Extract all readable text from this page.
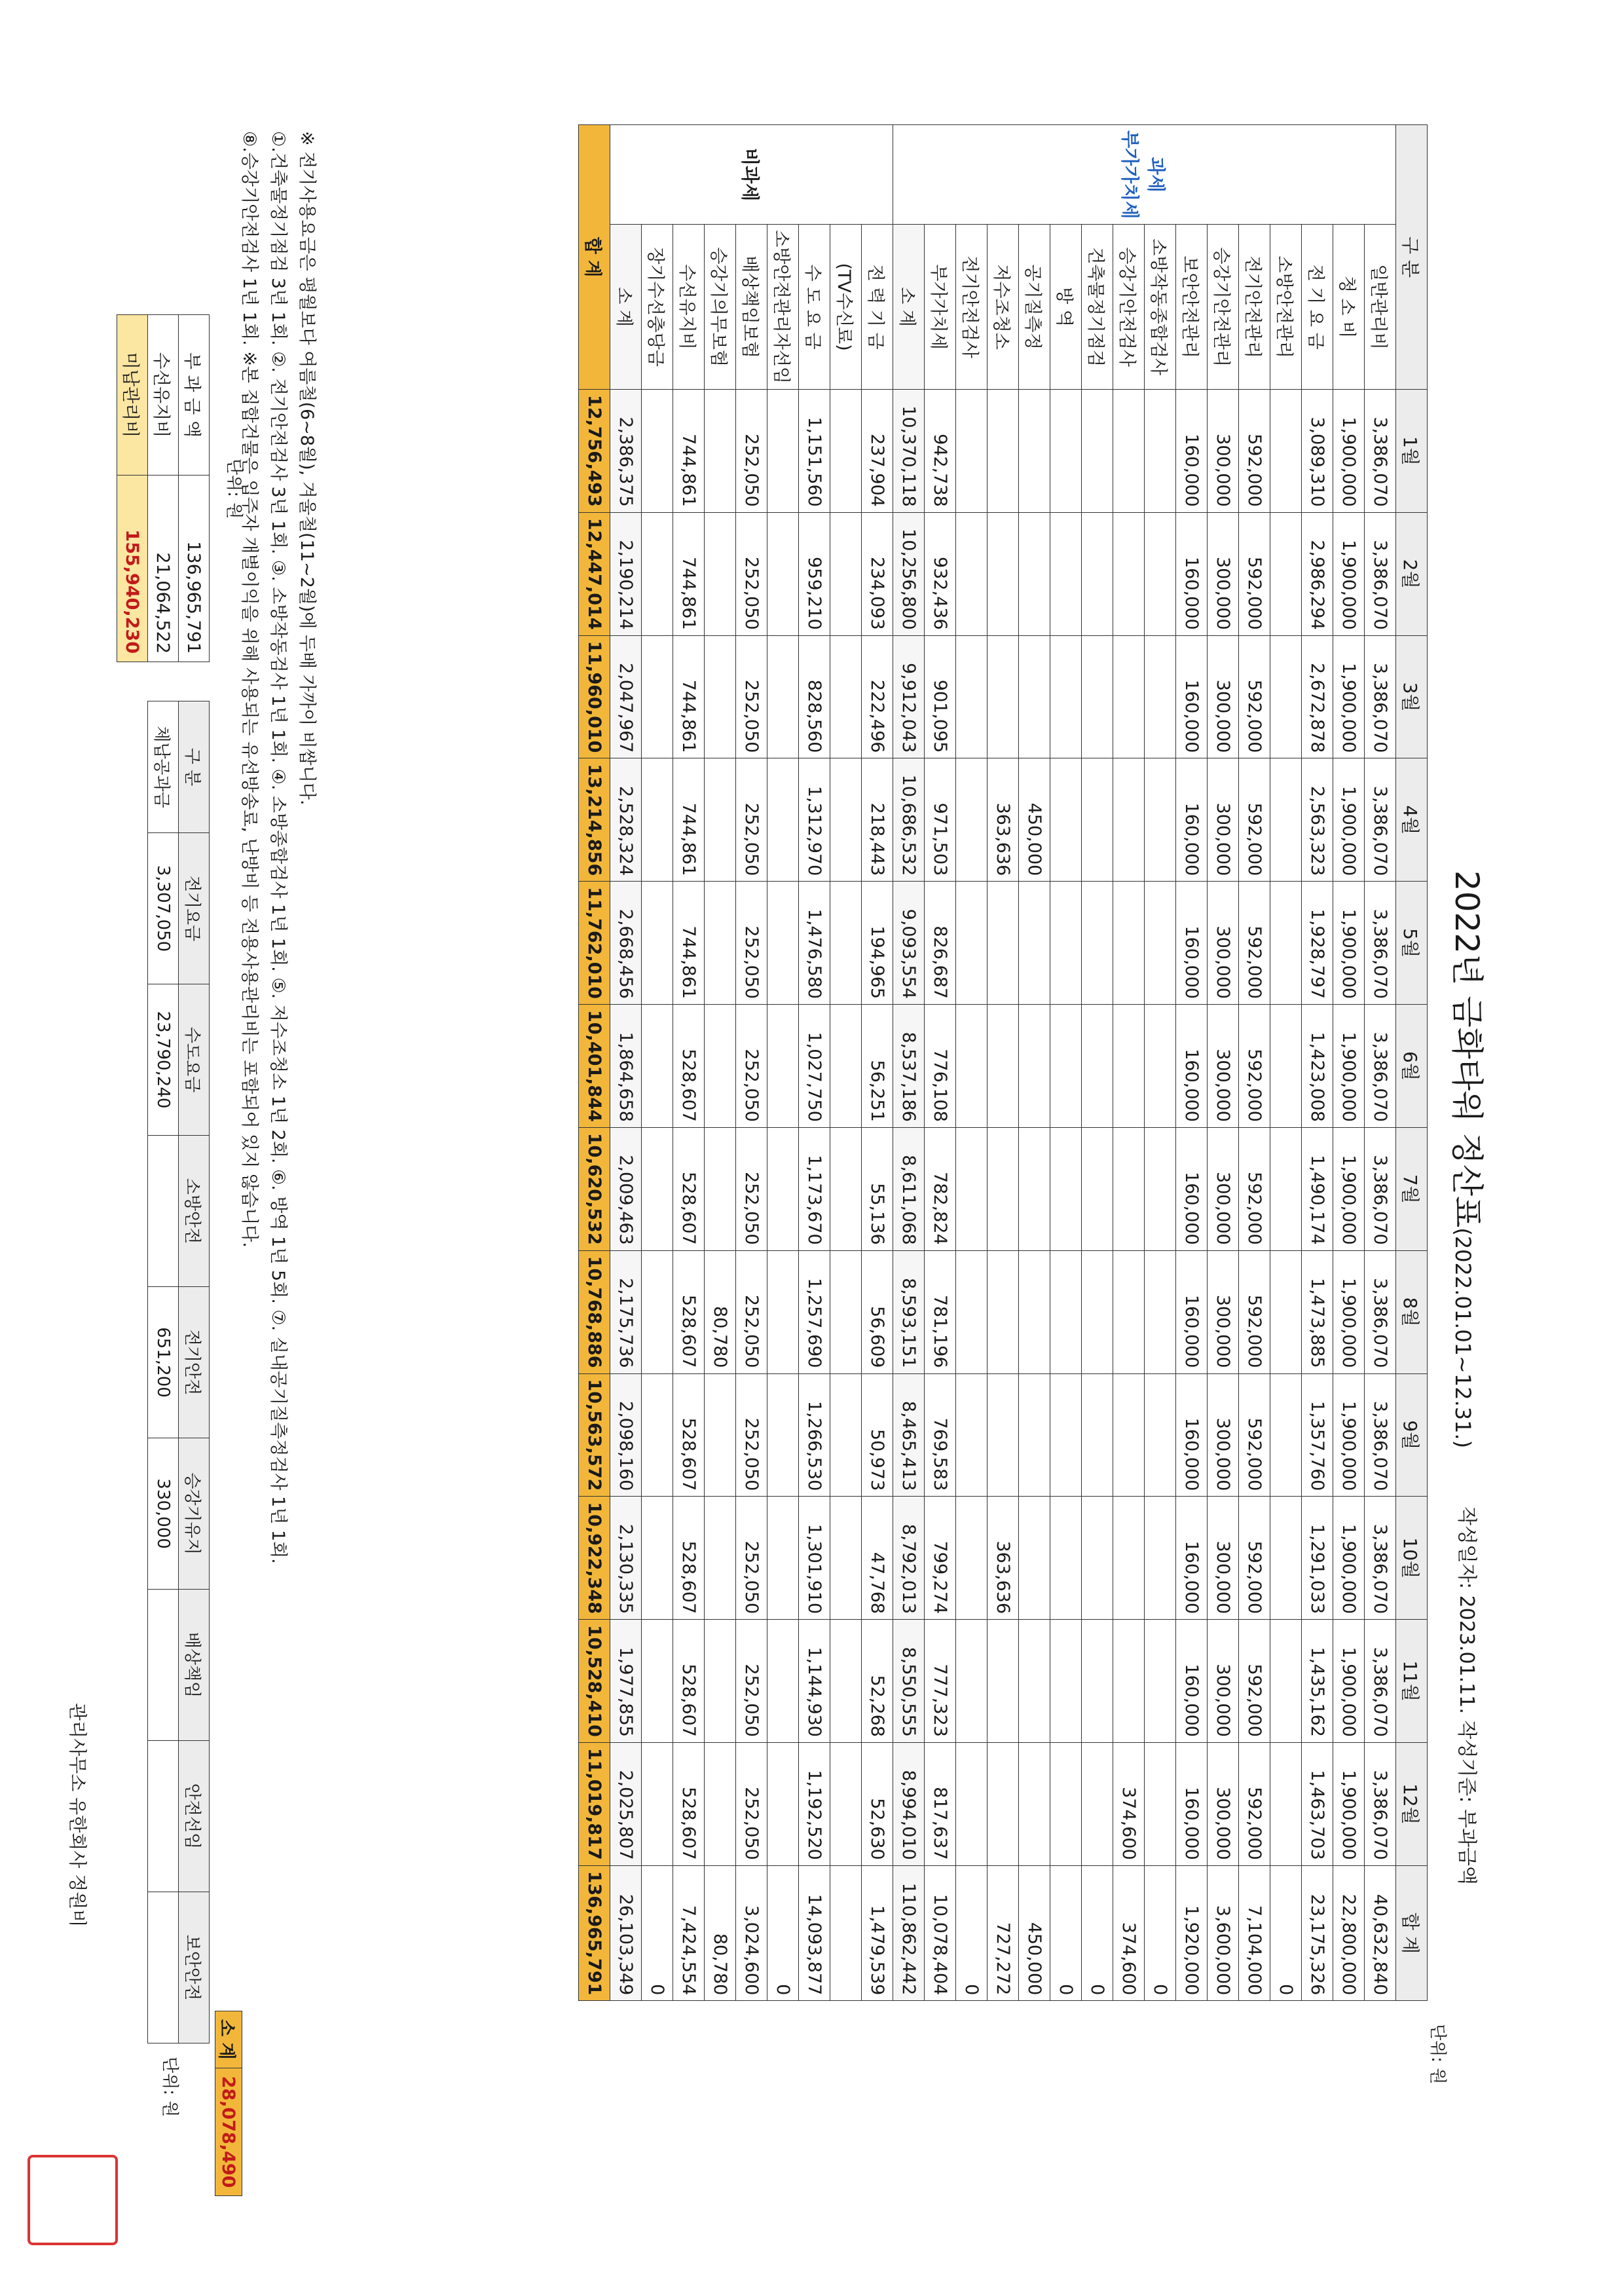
2022년 금화타워 정산표(2022.01.01~12.31.)
작성일자: 2023.01.11. 작성기준: 부과금액
단위: 원
구 분		1월	2월	3월	4월	5월	6월	7월	8월	9월	10월	11월	12월	합 계

과세
부가가치세	일반관리비	3,386,070	3,386,070	3,386,070	3,386,070	3,386,070	3,386,070	3,386,070	3,386,070	3,386,070	3,386,070	3,386,070	3,386,070	40,632,840
	청 소 비	1,900,000	1,900,000	1,900,000	1,900,000	1,900,000	1,900,000	1,900,000	1,900,000	1,900,000	1,900,000	1,900,000	1,900,000	22,800,000
	전 기 요 금	3,089,310	2,986,294	2,672,878	2,563,323	1,928,797	1,423,008	1,490,174	1,473,885	1,357,760	1,291,033	1,435,162	1,463,703	23,175,326
	소방안전관리													0
	전기안전관리	592,000	592,000	592,000	592,000	592,000	592,000	592,000	592,000	592,000	592,000	592,000	592,000	7,104,000
	승강기안전관리	300,000	300,000	300,000	300,000	300,000	300,000	300,000	300,000	300,000	300,000	300,000	300,000	3,600,000
	보안안전관리	160,000	160,000	160,000	160,000	160,000	160,000	160,000	160,000	160,000	160,000	160,000	160,000	1,920,000
	소방작동종합검사													0
	승강기안전검사												374,600	374,600
	건축물정기점검													0
	방 역													0
	공기질측정				450,000									450,000
	저수조청소				363,636						363,636			727,272
	전기안전검사													0
	부가가치세	942,738	932,436	901,095	971,503	826,687	776,108	782,824	781,196	769,583	799,274	777,323	817,637	10,078,404
	소 계	10,370,118	10,256,800	9,912,043	10,686,532	9,093,554	8,537,186	8,611,068	8,593,151	8,465,413	8,792,013	8,550,555	8,994,010	110,862,442
비과세	전 력 기 금	237,904	234,093	222,496	218,443	194,965	56,251	55,136	56,609	50,973	47,768	52,268	52,630	1,479,539
	(TV수신료)													
	수 도 요 금	1,151,560	959,210	828,560	1,312,970	1,476,580	1,027,750	1,173,670	1,257,690	1,266,530	1,301,910	1,144,930	1,192,520	14,093,877
	소방안전관리자선임													0
	배상책임보험	252,050	252,050	252,050	252,050	252,050	252,050	252,050	252,050	252,050	252,050	252,050	252,050	3,024,600
	승강기의무보험								80,780					80,780
	수선유지비	744,861	744,861	744,861	744,861	744,861	528,607	528,607	528,607	528,607	528,607	528,607	528,607	7,424,554
	장기수선충당금													0
	소 계	2,386,375	2,190,214	2,047,967	2,528,324	2,668,456	1,864,658	2,009,463	2,175,736	2,098,160	2,130,335	1,977,855	2,025,807	26,103,349
합 계		12,756,493	12,447,014	11,960,010	13,214,856	11,762,010	10,401,844	10,620,532	10,768,886	10,563,572	10,922,348	10,528,410	11,019,817	136,965,791
단위: 원
부 과 금 액	136,965,791
수선유지비	21,064,522
미납관리비	155,940,230
구 분	전기요금	수도요금	소방안전	전기안전	승강기유지	배상책임	안전선임	보안안전
체납공과금	3,307,050	23,790,240		651,200	330,000			
소 계	28,078,490
단위: 원
※ 전기사용요금은 평월보다 여름철(6~8월), 겨울철(11~2월)에 두배 가까이 비쌉니다.
①.건축물정기점검 3년 1회. ②. 전기안전검사 3년 1회. ③. 소방작동검사 1년 1회. ④. 소방종합검사 1년 1회. ⑤. 저수조청소 1년 2회. ⑥. 방역 1년 5회. ⑦. 실내공기질측정검사 1년 1회.
⑧.승강기안전검사 1년 1회. ※본 집합건물은 입주자 개별이익을 위해 사용되는 유선방송료, 난방비 등 전용사용관리비는 포함되어 있지 않습니다.
관리사무소 유한회사 정원비
